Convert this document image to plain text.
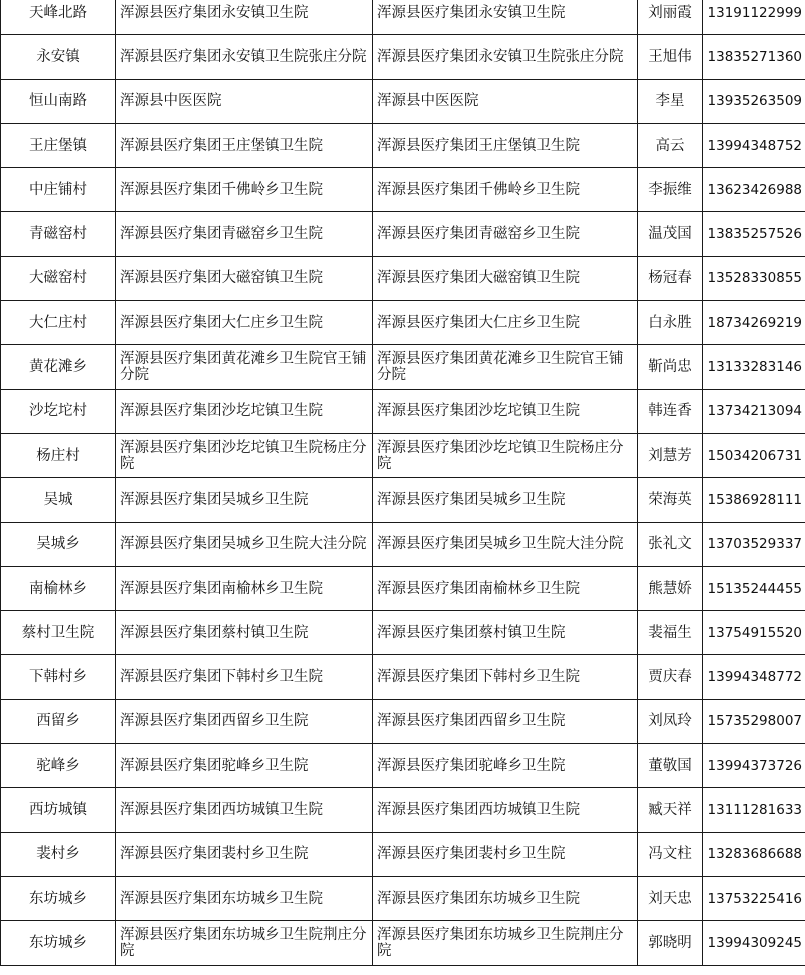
天峰北路	浑源县医疗集团永安镇卫生院	浑源县医疗集团永安镇卫生院	刘丽霞	13191122999
永安镇	浑源县医疗集团永安镇卫生院张庄分院	浑源县医疗集团永安镇卫生院张庄分院	王旭伟	13835271360
恒山南路	浑源县中医医院	浑源县中医医院	李星	13935263509
王庄堡镇	浑源县医疗集团王庄堡镇卫生院	浑源县医疗集团王庄堡镇卫生院	高云	13994348752
中庄铺村	浑源县医疗集团千佛岭乡卫生院	浑源县医疗集团千佛岭乡卫生院	李振维	13623426988
青磁窑村	浑源县医疗集团青磁窑乡卫生院	浑源县医疗集团青磁窑乡卫生院	温茂国	13835257526
大磁窑村	浑源县医疗集团大磁窑镇卫生院	浑源县医疗集团大磁窑镇卫生院	杨冠春	13528330855
大仁庄村	浑源县医疗集团大仁庄乡卫生院	浑源县医疗集团大仁庄乡卫生院	白永胜	18734269219
黄花滩乡	浑源县医疗集团黄花滩乡卫生院官王铺分院	浑源县医疗集团黄花滩乡卫生院官王铺分院	靳尚忠	13133283146
沙圪坨村	浑源县医疗集团沙圪坨镇卫生院	浑源县医疗集团沙圪坨镇卫生院	韩连香	13734213094
杨庄村	浑源县医疗集团沙圪坨镇卫生院杨庄分院	浑源县医疗集团沙圪坨镇卫生院杨庄分院	刘慧芳	15034206731
吴城	浑源县医疗集团吴城乡卫生院	浑源县医疗集团吴城乡卫生院	荣海英	15386928111
吴城乡	浑源县医疗集团吴城乡卫生院大洼分院	浑源县医疗集团吴城乡卫生院大洼分院	张礼文	13703529337
南榆林乡	浑源县医疗集团南榆林乡卫生院	浑源县医疗集团南榆林乡卫生院	熊慧娇	15135244455
蔡村卫生院	浑源县医疗集团蔡村镇卫生院	浑源县医疗集团蔡村镇卫生院	裴福生	13754915520
下韩村乡	浑源县医疗集团下韩村乡卫生院	浑源县医疗集团下韩村乡卫生院	贾庆春	13994348772
西留乡	浑源县医疗集团西留乡卫生院	浑源县医疗集团西留乡卫生院	刘凤玲	15735298007
驼峰乡	浑源县医疗集团驼峰乡卫生院	浑源县医疗集团驼峰乡卫生院	董敬国	13994373726
西坊城镇	浑源县医疗集团西坊城镇卫生院	浑源县医疗集团西坊城镇卫生院	臧天祥	13111281633
裴村乡	浑源县医疗集团裴村乡卫生院	浑源县医疗集团裴村乡卫生院	冯文柱	13283686688
东坊城乡	浑源县医疗集团东坊城乡卫生院	浑源县医疗集团东坊城乡卫生院	刘天忠	13753225416
东坊城乡	浑源县医疗集团东坊城乡卫生院荆庄分院	浑源县医疗集团东坊城乡卫生院荆庄分院	郭晓明	13994309245
